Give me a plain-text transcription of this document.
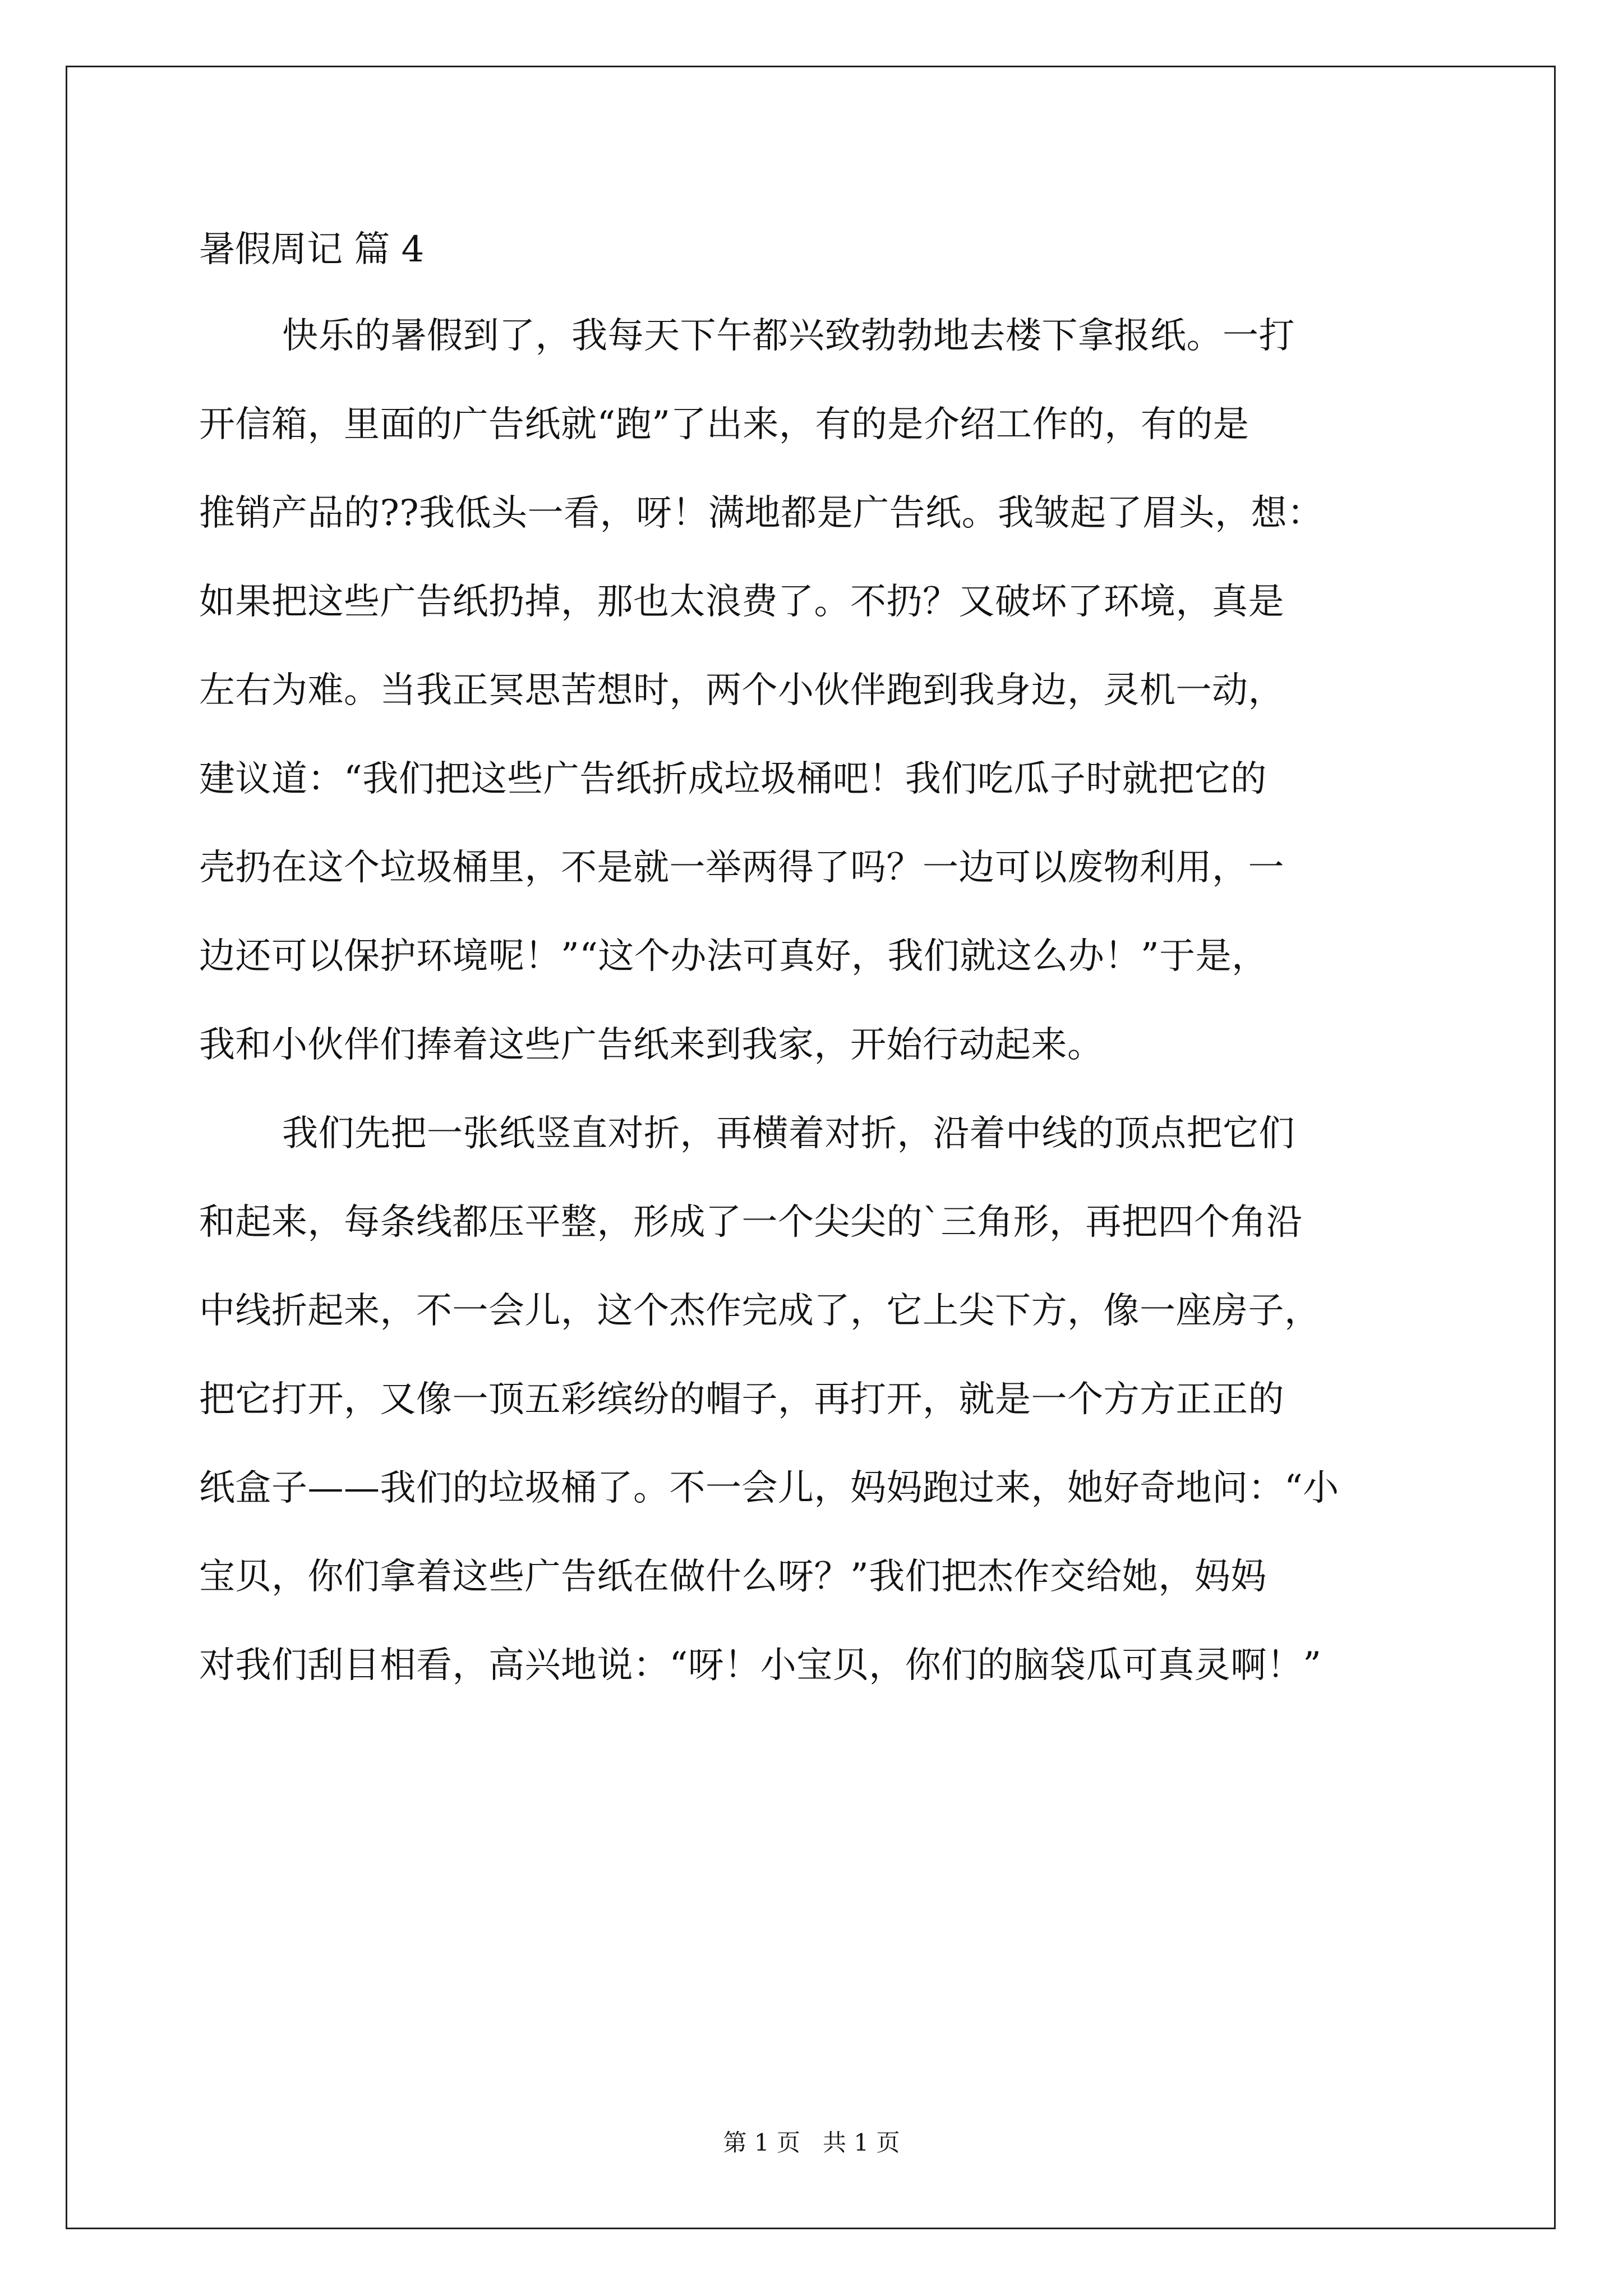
暑假周记 篇 4
快乐的暑假到了，我每天下午都兴致勃勃地去楼下拿报纸。一打
开信箱，里面的广告纸就“跑”了出来，有的是介绍工作的，有的是
推销产品的??我低头一看，呀！满地都是广告纸。我皱起了眉头，想：
如果把这些广告纸扔掉，那也太浪费了。不扔？又破坏了环境，真是
左右为难。当我正冥思苦想时，两个小伙伴跑到我身边，灵机一动，
建议道：“我们把这些广告纸折成垃圾桶吧！我们吃瓜子时就把它的
壳扔在这个垃圾桶里，不是就一举两得了吗？一边可以废物利用，一
边还可以保护环境呢！”“这个办法可真好，我们就这么办！”于是，
我和小伙伴们捧着这些广告纸来到我家，开始行动起来。
我们先把一张纸竖直对折，再横着对折，沿着中线的顶点把它们
和起来，每条线都压平整，形成了一个尖尖的`三角形，再把四个角沿
中线折起来，不一会儿，这个杰作完成了，它上尖下方，像一座房子，
把它打开，又像一顶五彩缤纷的帽子，再打开，就是一个方方正正的
纸盒子——我们的垃圾桶了。不一会儿，妈妈跑过来，她好奇地问：“小
宝贝，你们拿着这些广告纸在做什么呀？”我们把杰作交给她，妈妈
对我们刮目相看，高兴地说：“呀！小宝贝，你们的脑袋瓜可真灵啊！”
第 1 页   共 1 页
